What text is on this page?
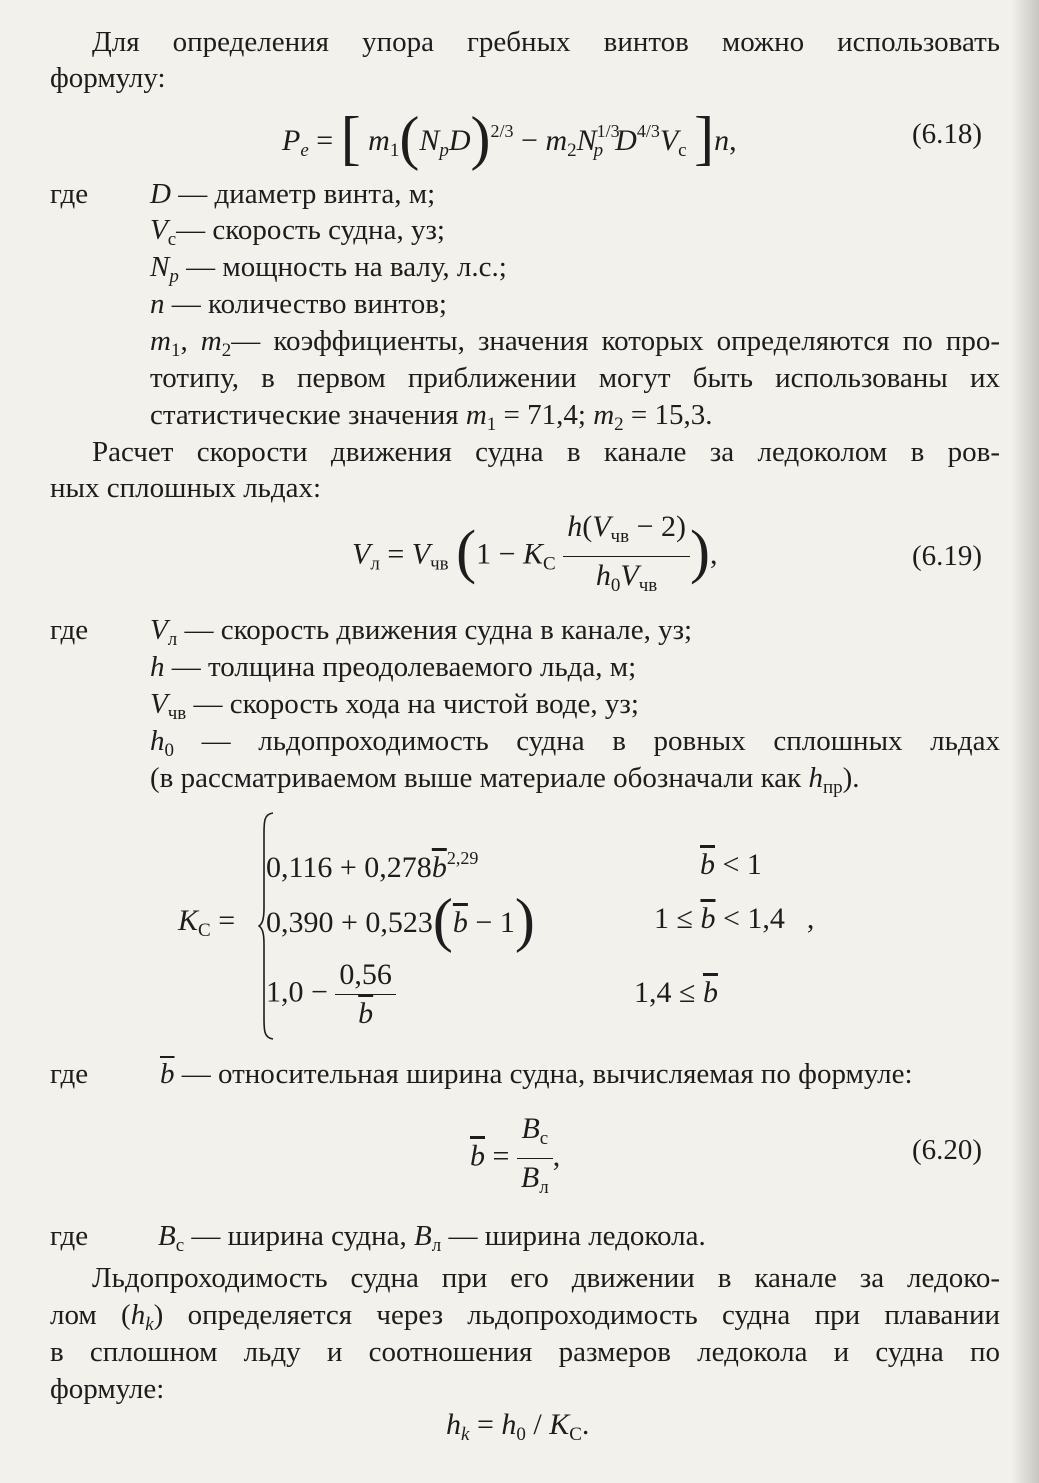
Для определения упора гребных винтов можно использовать
формулу:
$P_e$ = [ $m_1(N_pD)^{2/3} - m_2N^{1/3}_p$ $D^{4/3}V_c$ ]n,	(6.18)
где D — диаметр винта, м;
$V_c—$ скорость судна, уз;
$N_p$ — мощность на валу, л.с.;
n — количество винтов;
$m_1$, $m_2—$ коэффициенты, значения которых определяются по про-
тотипу, в первом приближении могут быть использованы их
статистические значения $m_1 = 71,4$; $m_2 = 15,3$.
Расчет скорости движения судна в канале за ледоколом в ров-
ных сплошных льдах:
$V_л = V_{чв}$ ($1 - K_С \frac{h(V_{чв} - 2)}{h_0V_{чв}}$ ),	(6.19)
где $V_л$ — скорость движения судна в канале, уз;
h — толщина преодолеваемого льда, м;
$V_{чв}$ — скорость хода на чистой воде, уз;
$h_0$ — льдопроходимость судна в ровных сплошных льдах
(в рассматриваемом выше материале обозначали как $h_{пр}$).
$K_С$ =
$0,116 + 0,278\overline{b}^{2,29}$	$\overline{b} < 1$
$0,390 + 0,523(\overline{b} - 1)$	$1 \le \overline{b} < 1,4$ ,
$1,0 - \frac{0,56}{b}$	$1,4 \le \overline{b}$
где $\overline{b}$ — относительная ширина судна, вычисляемая по формуле:
$\overline{b} = \frac{B_с}{B_л}$ ,	(6.20)
где $B_с$ — ширина судна, $B_л$ — ширина ледокола.
Льдопроходимость судна при его движении в канале за ледоко-
лом $(h_k)$ определяется через льдопроходимость судна при плавании
в сплошном льду и соотношения размеров ледокола и судна по
формуле:
$h_k = h_0 / K_С$.
